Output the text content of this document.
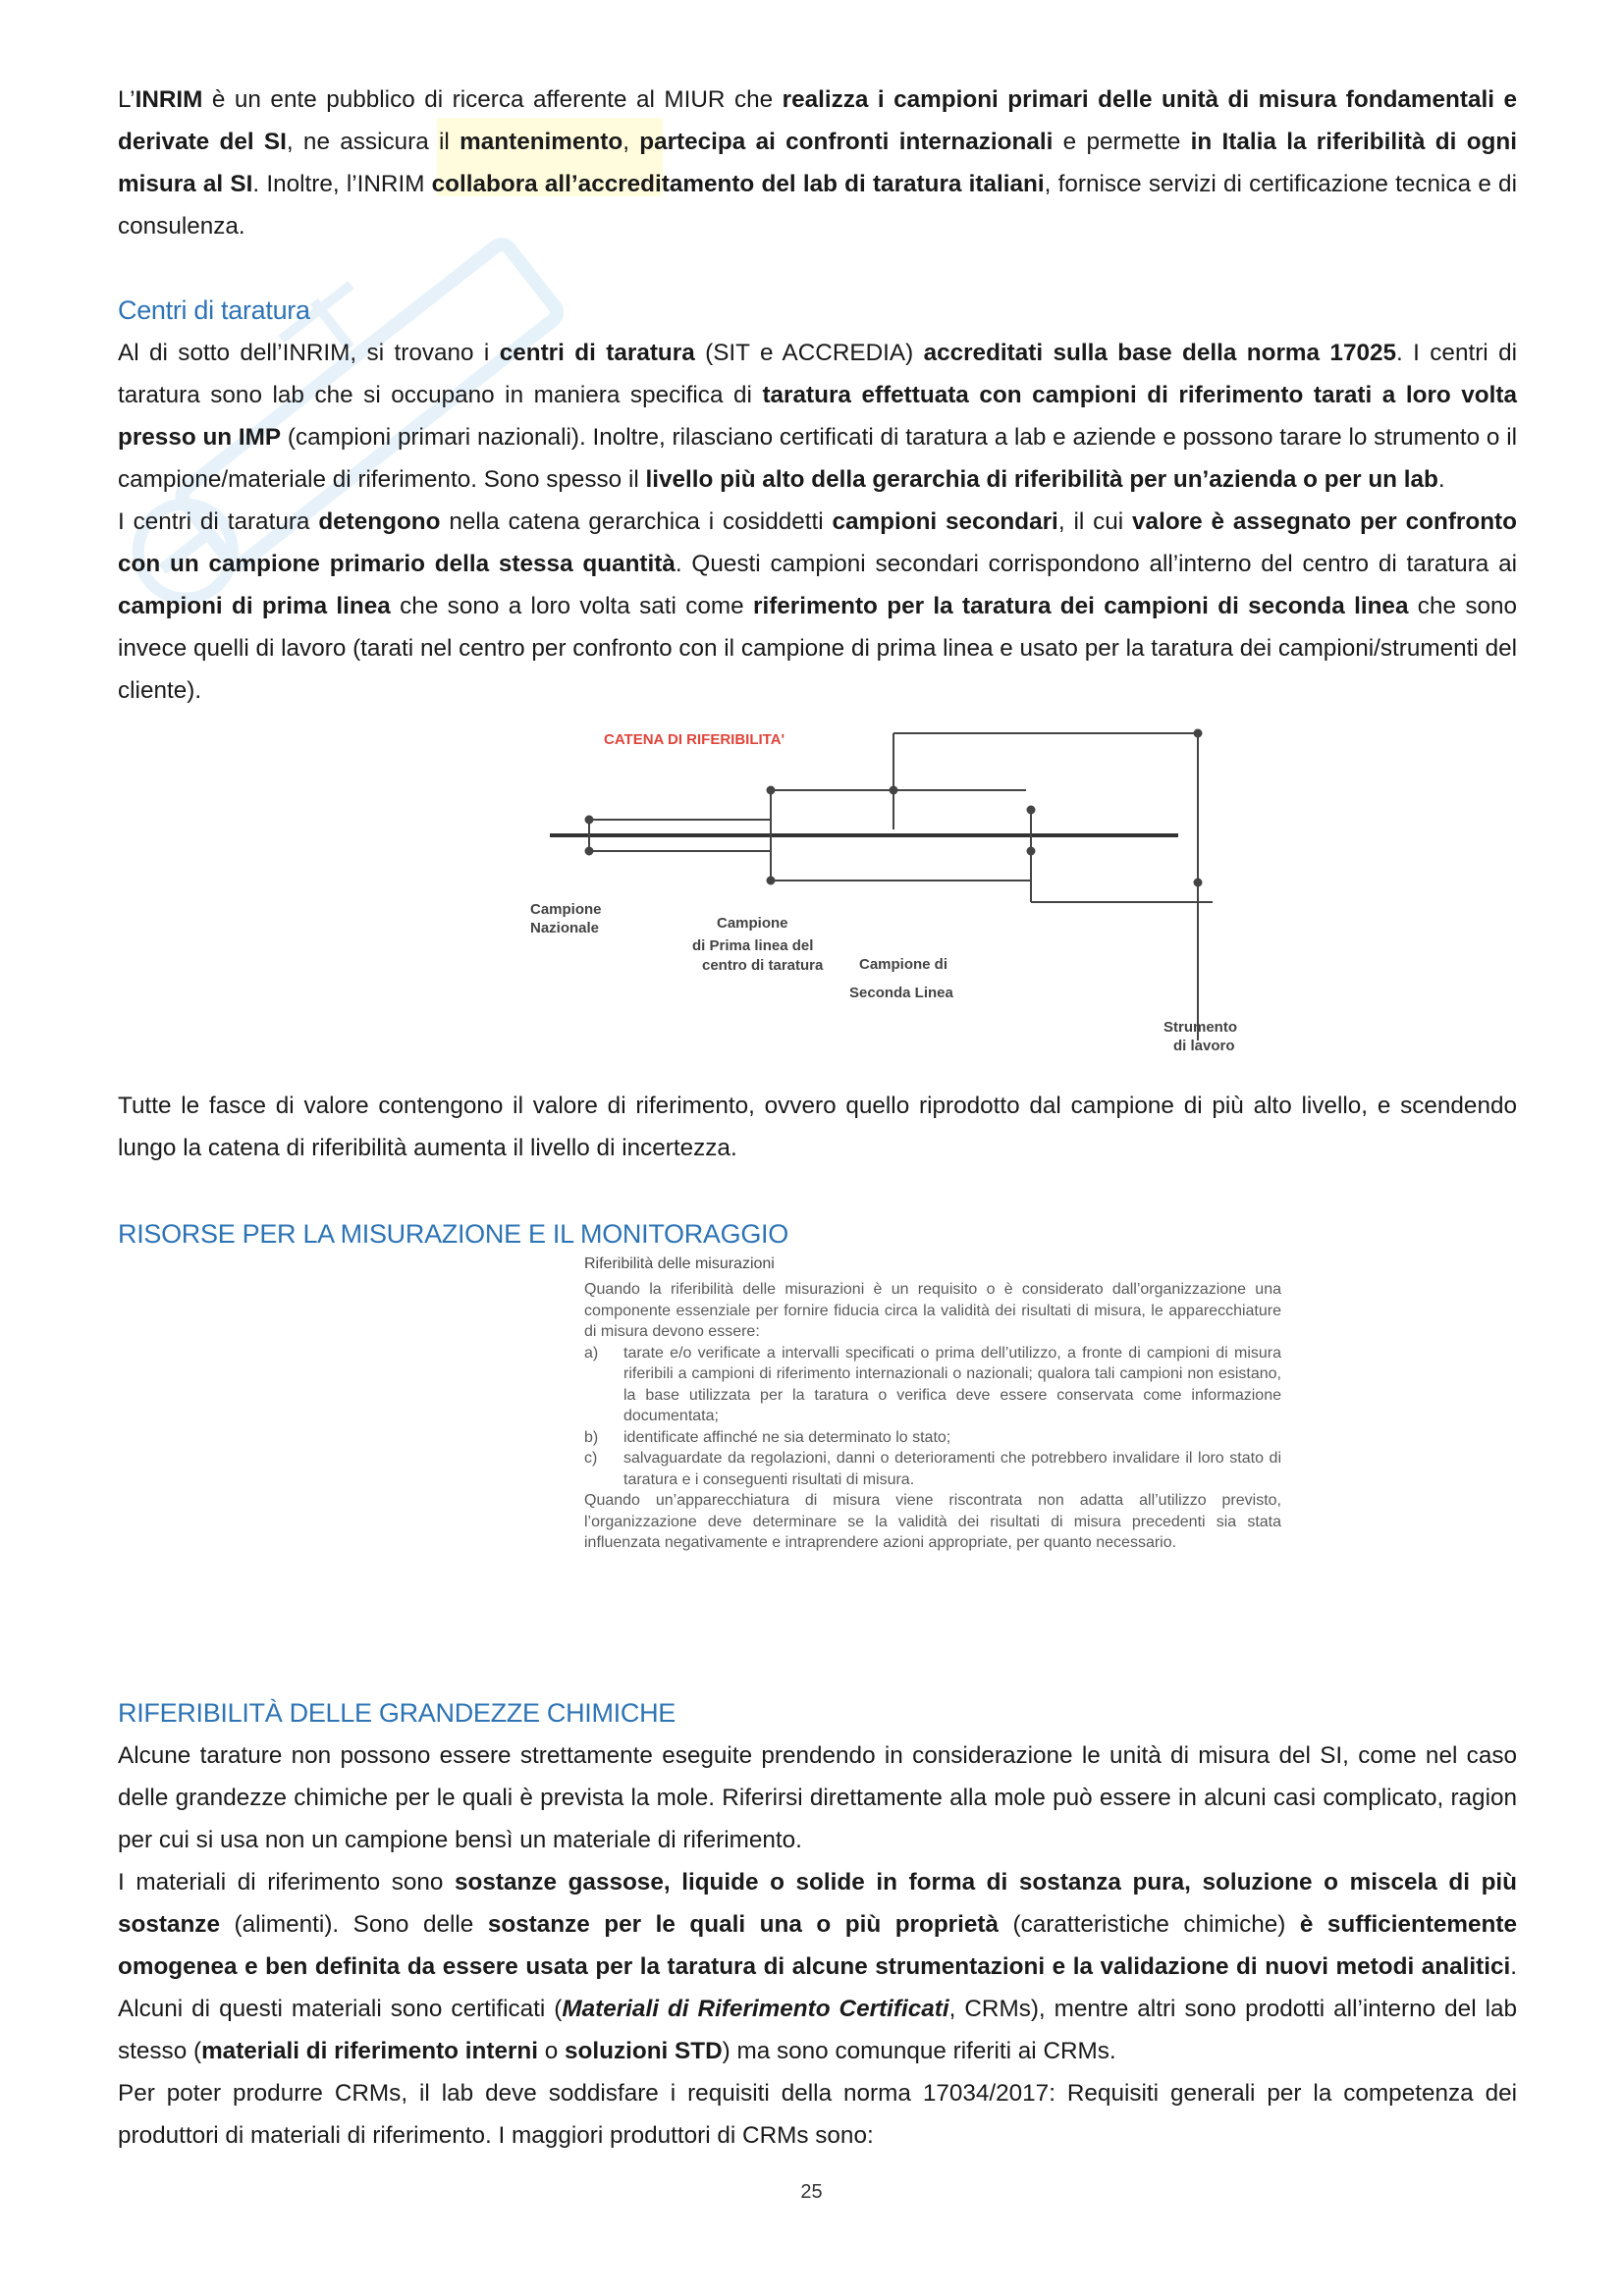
L’INRIM è un ente pubblico di ricerca afferente al MIUR che realizza i campioni primari delle unità di misura fondamentali e derivate del SI, ne assicura il mantenimento, partecipa ai confronti internazionali e permette in Italia la riferibilità di ogni misura al SI. Inoltre, l’INRIM collabora all’accreditamento del lab di taratura italiani, fornisce servizi di certificazione tecnica e di consulenza.

Centri di taratura

Al di sotto dell’INRIM, si trovano i centri di taratura (SIT e ACCREDIA) accreditati sulla base della norma 17025. I centri di taratura sono lab che si occupano in maniera specifica di taratura effettuata con campioni di riferimento tarati a loro volta presso un IMP (campioni primari nazionali). Inoltre, rilasciano certificati di taratura a lab e aziende e possono tarare lo strumento o il campione/materiale di riferimento. Sono spesso il livello più alto della gerarchia di riferibilità per un’azienda o per un lab.

I centri di taratura detengono nella catena gerarchica i cosiddetti campioni secondari, il cui valore è assegnato per confronto con un campione primario della stessa quantità. Questi campioni secondari corrispondono all’interno del centro di taratura ai campioni di prima linea che sono a loro volta sati come riferimento per la taratura dei campioni di seconda linea che sono invece quelli di lavoro (tarati nel centro per confronto con il campione di prima linea e usato per la taratura dei campioni/strumenti del cliente).

CATENA DI RIFERIBILITA'
Campione
Nazionale	Campione
di Prima linea del
centro di taratura Campione di
Seconda Linea
Strumento
di lavoro

Tutte le fasce di valore contengono il valore di riferimento, ovvero quello riprodotto dal campione di più alto livello, e scendendo lungo la catena di riferibilità aumenta il livello di incertezza.

RISORSE PER LA MISURAZIONE E IL MONITORAGGIO
Riferibilità delle misurazioni

Quando la riferibilità delle misurazioni è un requisito o è considerato dall’organizzazione una componente essenziale per fornire fiducia circa la validità dei risultati di misura, le apparecchiature di misura devono essere:

a)	tarate e/o verificate a intervalli specificati o prima dell’utilizzo, a fronte di campioni di misura riferibili a campioni di riferimento internazionali o nazionali; qualora tali campioni non esistano, la base utilizzata per la taratura o verifica deve essere conservata come informazione documentata;

b)	identificate affinché ne sia determinato lo stato;

c)	salvaguardate da regolazioni, danni o deterioramenti che potrebbero invalidare il loro stato di taratura e i conseguenti risultati di misura.

Quando un’apparecchiatura di misura viene riscontrata non adatta all’utilizzo previsto, l’organizzazione deve determinare se la validità dei risultati di misura precedenti sia stata influenzata negativamente e intraprendere azioni appropriate, per quanto necessario.

RIFERIBILITÀ DELLE GRANDEZZE CHIMICHE

Alcune tarature non possono essere strettamente eseguite prendendo in considerazione le unità di misura del SI, come nel caso delle grandezze chimiche per le quali è prevista la mole. Riferirsi direttamente alla mole può essere in alcuni casi complicato, ragion per cui si usa non un campione bensì un materiale di riferimento.

I materiali di riferimento sono sostanze gassose, liquide o solide in forma di sostanza pura, soluzione o miscela di più sostanze (alimenti). Sono delle sostanze per le quali una o più proprietà (caratteristiche chimiche) è sufficientemente omogenea e ben definita da essere usata per la taratura di alcune strumentazioni e la validazione di nuovi metodi analitici. Alcuni di questi materiali sono certificati (Materiali di Riferimento Certificati, CRMs), mentre altri sono prodotti all’interno del lab stesso (materiali di riferimento interni o soluzioni STD) ma sono comunque riferiti ai CRMs.

Per poter produrre CRMs, il lab deve soddisfare i requisiti della norma 17034/2017: Requisiti generali per la competenza dei produttori di materiali di riferimento. I maggiori produttori di CRMs sono:

25
